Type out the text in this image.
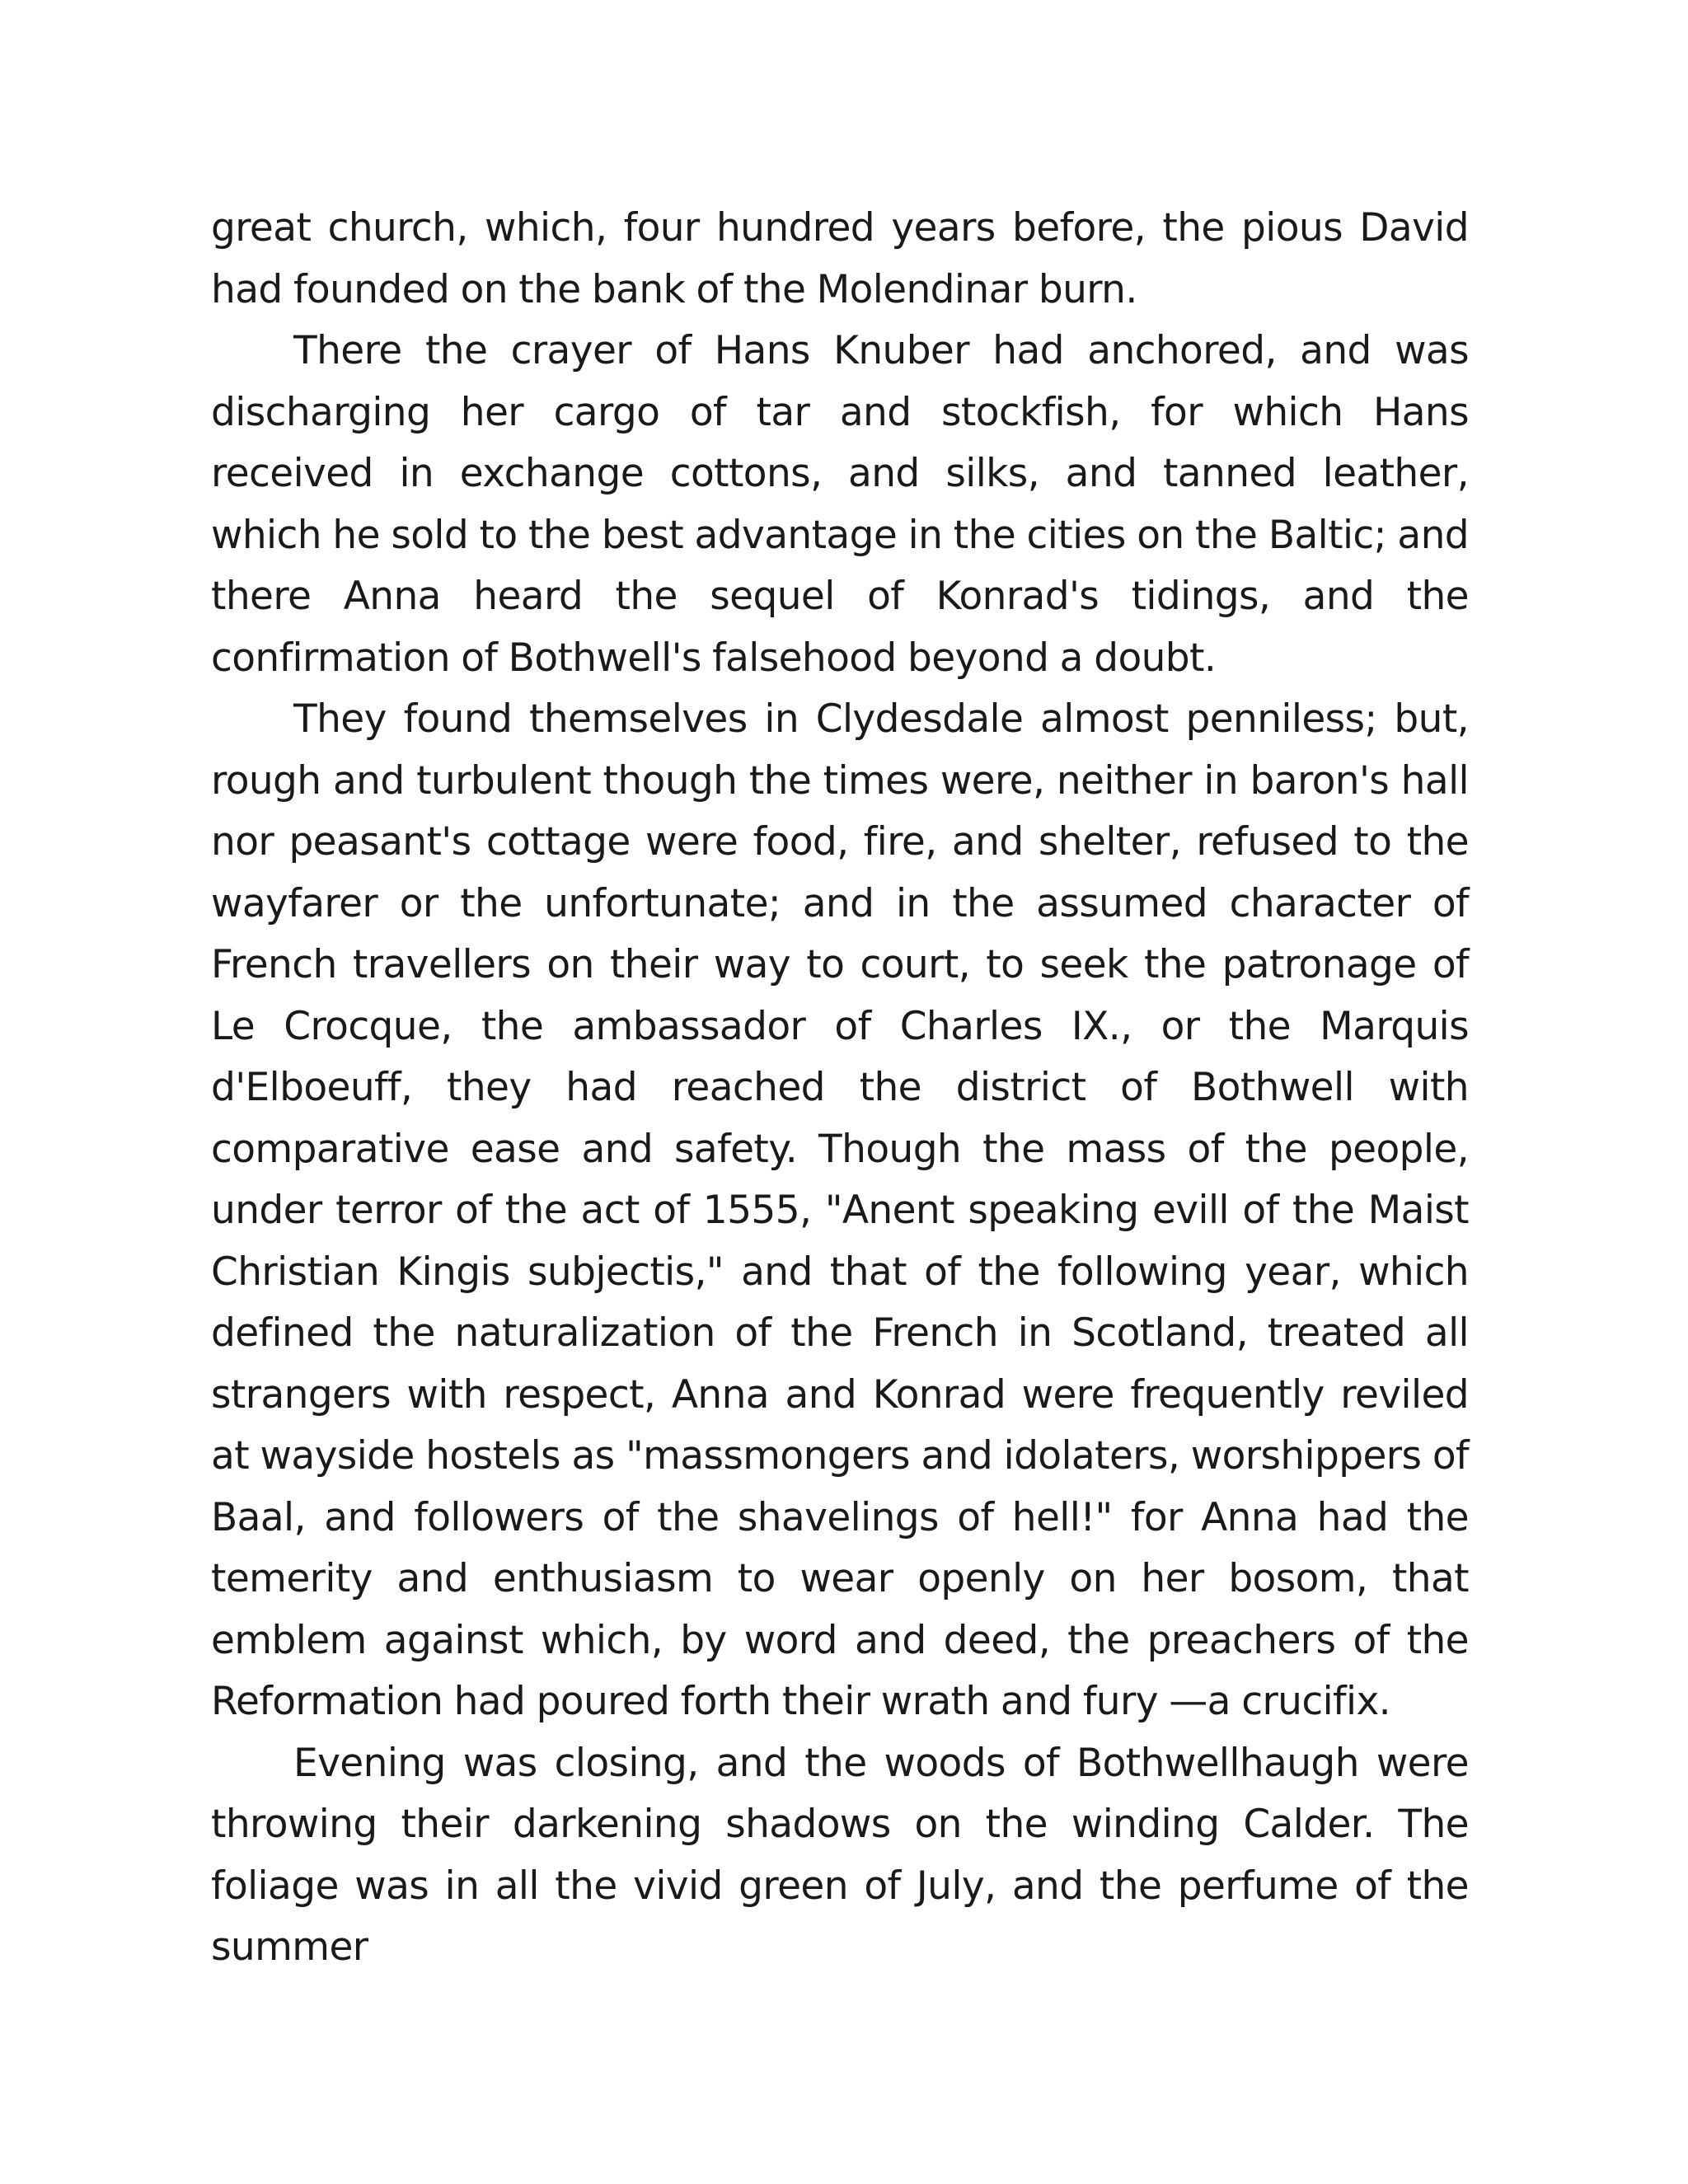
great church, which, four hundred years before, the pious David had founded on the bank of the Molendinar burn.

There the crayer of Hans Knuber had anchored, and was discharging her cargo of tar and stockfish, for which Hans received in exchange cottons, and silks, and tanned leather, which he sold to the best advantage in the cities on the Baltic; and there Anna heard the sequel of Konrad's tidings, and the confirmation of Bothwell's falsehood beyond a doubt.

They found themselves in Clydesdale almost penniless; but, rough and turbulent though the times were, neither in baron's hall nor peasant's cottage were food, fire, and shelter, refused to the wayfarer or the unfortunate; and in the assumed character of French travellers on their way to court, to seek the patronage of Le Crocque, the ambassador of Charles IX., or the Marquis d'Elboeuff, they had reached the district of Bothwell with comparative ease and safety. Though the mass of the people, under terror of the act of 1555, "Anent speaking evill of the Maist Christian Kingis subjectis," and that of the following year, which defined the naturalization of the French in Scotland, treated all strangers with respect, Anna and Konrad were frequently reviled at wayside hostels as "massmongers and idolaters, worshippers of Baal, and followers of the shavelings of hell!" for Anna had the temerity and enthusiasm to wear openly on her bosom, that emblem against which, by word and deed, the preachers of the Reformation had poured forth their wrath and fury —a crucifix.

Evening was closing, and the woods of Bothwellhaugh were throwing their darkening shadows on the winding Calder. The foliage was in all the vivid green of July, and the perfume of the summer
